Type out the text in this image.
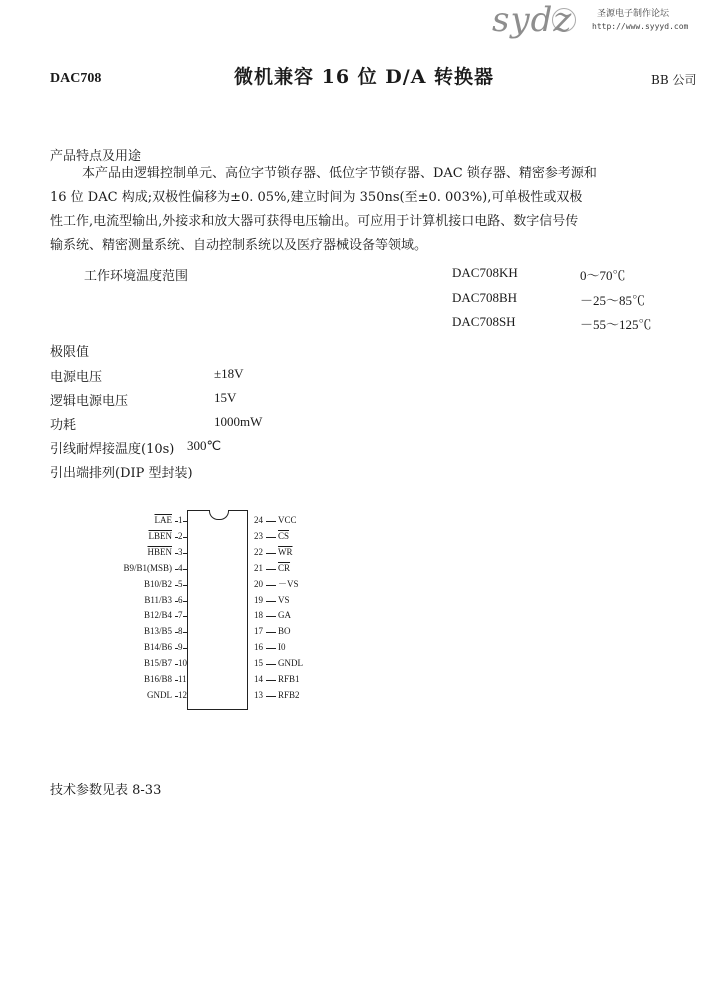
sydz	圣源电子制作论坛
http://www.syyyd.com
DAC708	微机兼容 16 位 D/A 转换器	BB 公司
产品特点及用途

本产品由逻辑控制单元、高位字节锁存器、低位字节锁存器、DAC 锁存器、精密参考源和

16 位 DAC 构成;双极性偏移为±0. 05%,建立时间为 350ns(至±0. 003%),可单极性或双极

性工作,电流型输出,外接求和放大器可获得电压输出。可应用于计算机接口电路、数字信号传

输系统、精密测量系统、自动控制系统以及医疗器械设备等领域。

工作环境温度范围	DAC708KH	0～70℃
DAC708BH	－25～85℃
DAC708SH	－55～125℃
极限值
电源电压	±18V
逻辑电源电压	15V
功耗	1000mW
引线耐焊接温度(10s) 300℃
引出端排列(DIP 型封装)
$\overline{LAE}$ 1
LBEN 2
HBEN 3
B9/B1(MSB) 4
B10/B2 5
B11/B3 6
B12/B4 7
B13/B5 8
B14/B6 9
B15/B7 10
B16/B8 11
GNDL 12
24 VCC
23 $\overline{CS}$
22 $\overline{WR}$
21 $\overline{CR}$
20 －VS
19 VS
18 GA
17 BO
16 I0
15 GNDL
14 RFB1
13 RFB2
技术参数见表 8-33
